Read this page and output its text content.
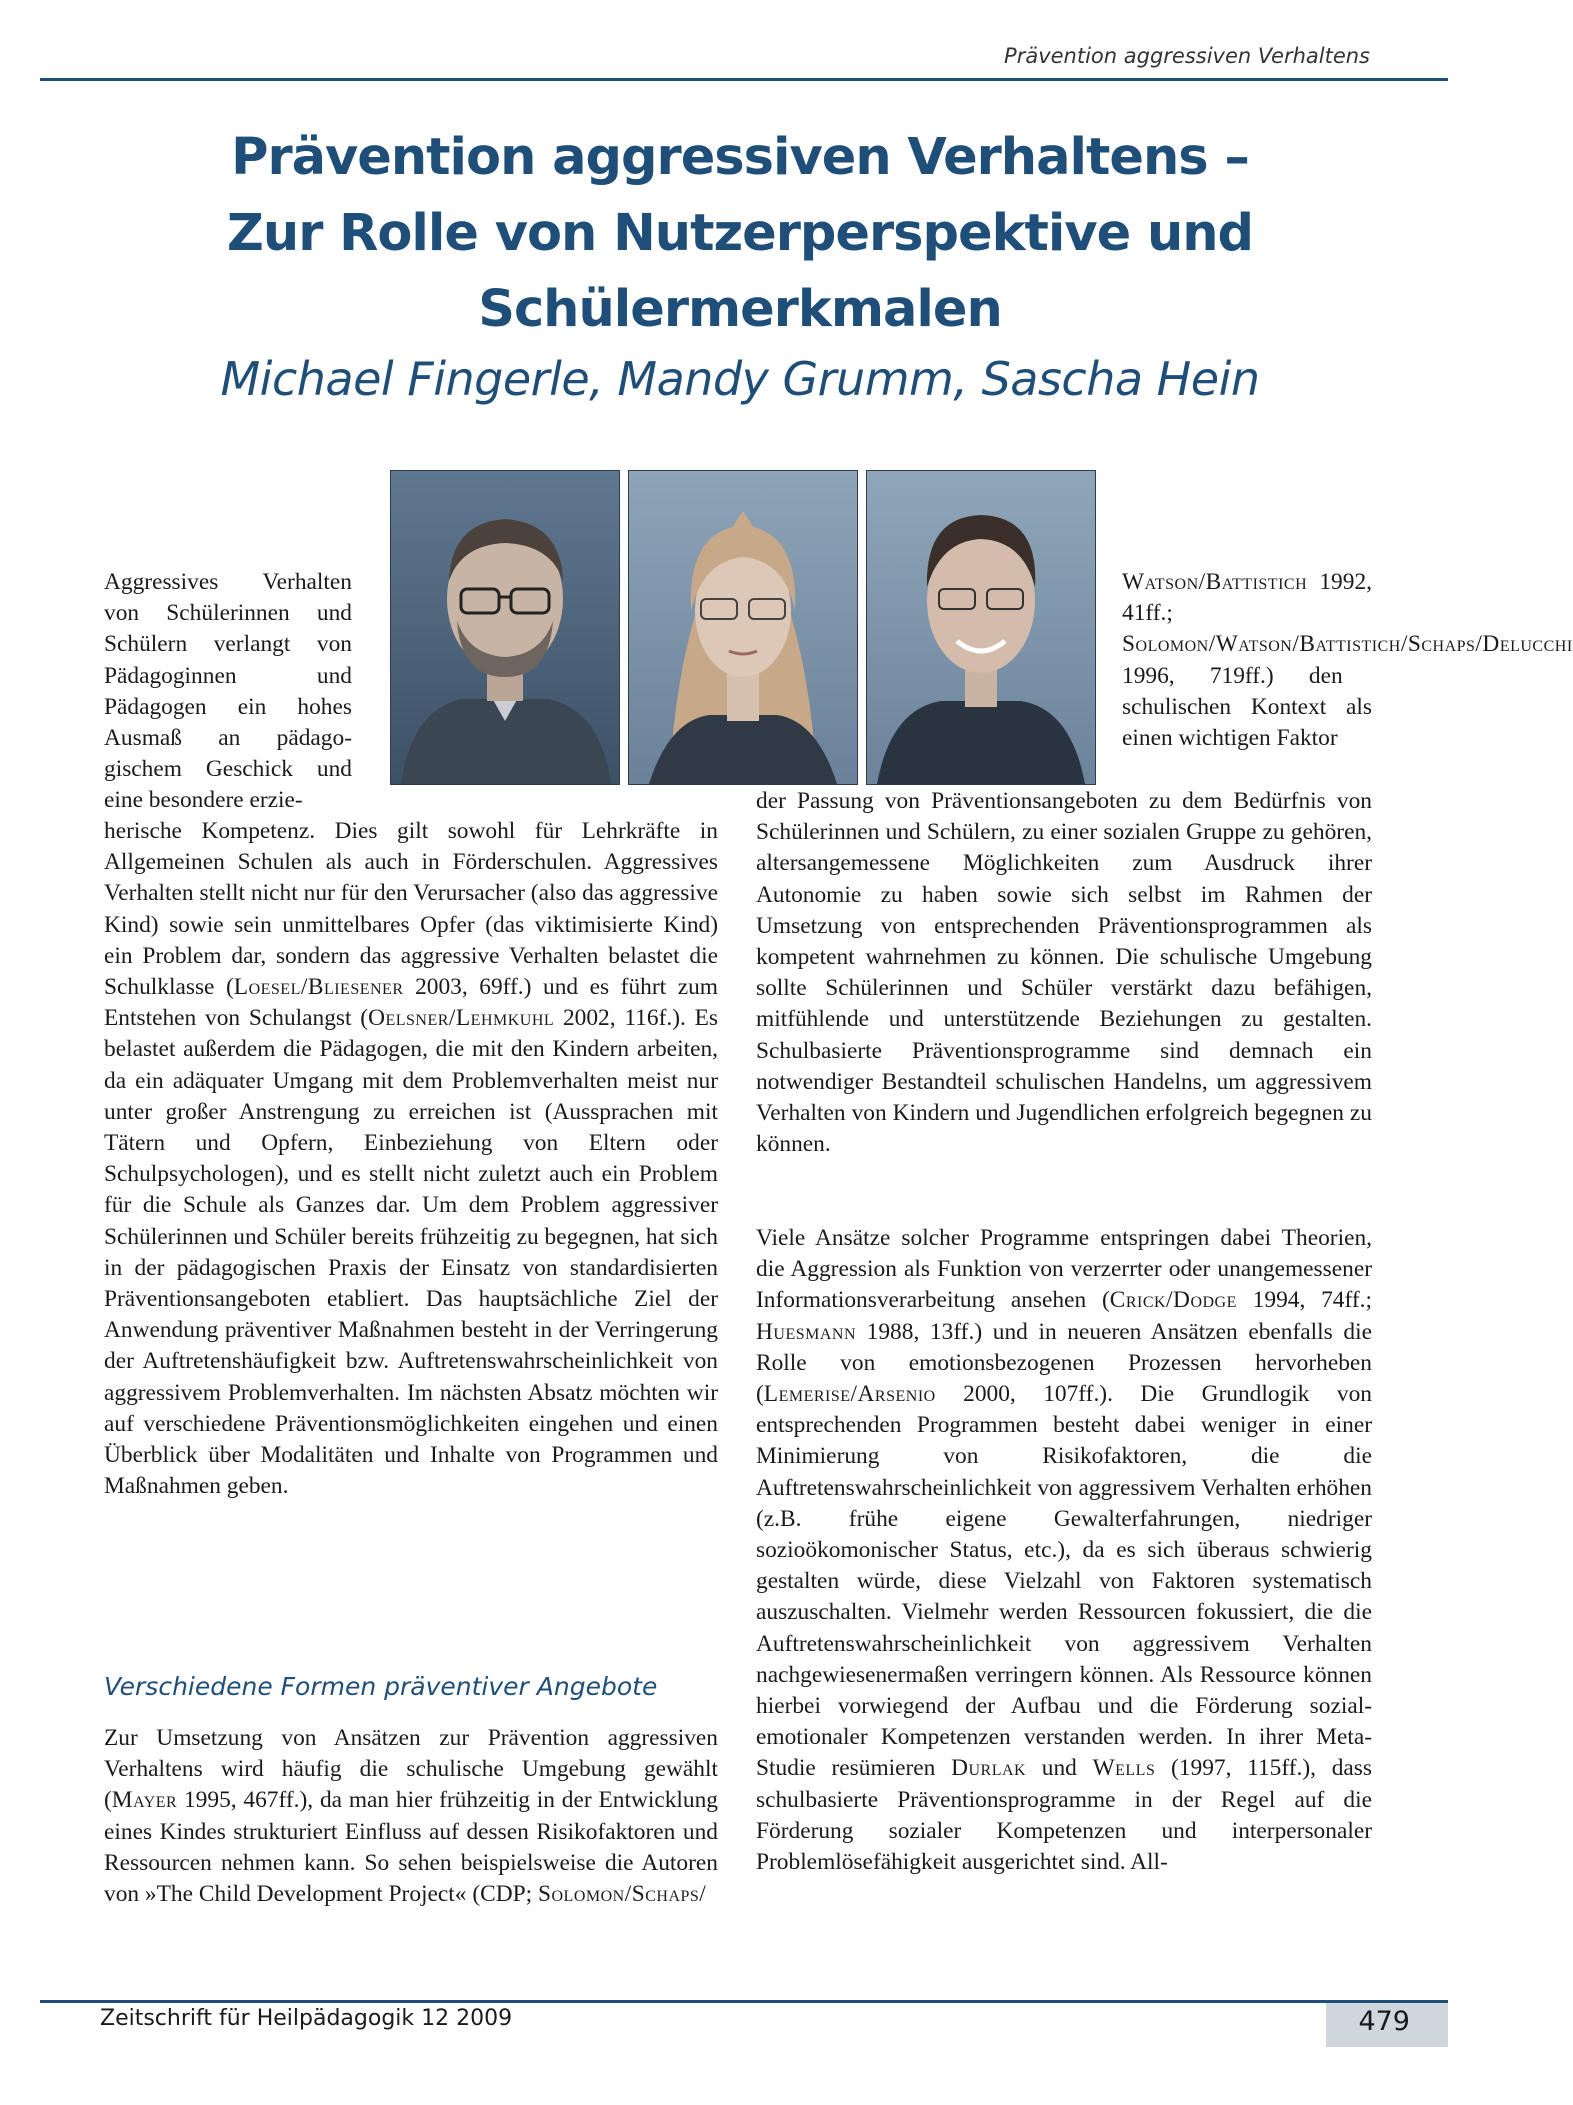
Prävention aggressiven Verhaltens
Prävention aggressiven Verhaltens –
Zur Rolle von Nutzerperspektive und
Schülermerkmalen
Michael Fingerle, Mandy Grumm, Sascha Hein

Aggressives Verhalten von Schülerinnen und Schülern verlangt von Pädagoginnen und Pädagogen ein hohes Ausmaß an pädagogischem Geschick und eine besondere erzie-

herische Kompetenz. Dies gilt sowohl für Lehrkräfte in Allgemeinen Schulen als auch in Förderschulen. Aggressives Verhalten stellt nicht nur für den Verursacher (also das aggressive Kind) sowie sein unmittelbares Opfer (das viktimisierte Kind) ein Problem dar, sondern das aggressive Verhalten belastet die Schulklasse (Loesel/Bliesener 2003, 69ff.) und es führt zum Entstehen von Schulangst (Oelsner/Lehmkuhl 2002, 116f.). Es belastet außerdem die Pädagogen, die mit den Kindern arbeiten, da ein adäquater Umgang mit dem Problemverhalten meist nur unter großer Anstrengung zu erreichen ist (Aussprachen mit Tätern und Opfern, Einbeziehung von Eltern oder Schulpsychologen), und es stellt nicht zuletzt auch ein Problem für die Schule als Ganzes dar. Um dem Problem aggressiver Schülerinnen und Schüler bereits frühzeitig zu begegnen, hat sich in der pädagogischen Praxis der Einsatz von standardisierten Präventionsangeboten etabliert. Das hauptsächliche Ziel der Anwendung präventiver Maßnahmen besteht in der Verringerung der Auftretenshäufigkeit bzw. Auftretenswahrscheinlichkeit von aggressivem Problemverhalten. Im nächsten Absatz möchten wir auf verschiedene Präventionsmöglichkeiten eingehen und einen Überblick über Modalitäten und Inhalte von Programmen und Maßnahmen geben.

Verschiedene Formen präventiver Angebote

Zur Umsetzung von Ansätzen zur Prävention aggressiven Verhaltens wird häufig die schulische Umgebung gewählt (Mayer 1995, 467ff.), da man hier frühzeitig in der Entwicklung eines Kindes strukturiert Einfluss auf dessen Risikofaktoren und Ressourcen nehmen kann. So sehen beispielsweise die Autoren von »The Child Development Project« (CDP; Solomon/Schaps/

Watson/Battistich 1992, 41ff.; Solomon/Watson/Battistich/Schaps/Delucchi 1996, 719ff.) den schulischen Kontext als einen wichtigen Faktor

der Passung von Präventionsangeboten zu dem Bedürfnis von Schülerinnen und Schülern, zu einer sozialen Gruppe zu gehören, altersangemessene Möglichkeiten zum Ausdruck ihrer Autonomie zu haben sowie sich selbst im Rahmen der Umsetzung von entsprechenden Präventionsprogrammen als kompetent wahrnehmen zu können. Die schulische Umgebung sollte Schülerinnen und Schüler verstärkt dazu befähigen, mitfühlende und unterstützende Beziehungen zu gestalten. Schulbasierte Präventionsprogramme sind demnach ein notwendiger Bestandteil schulischen Handelns, um aggressivem Verhalten von Kindern und Jugendlichen erfolgreich begegnen zu können.

Viele Ansätze solcher Programme entspringen dabei Theorien, die Aggression als Funktion von verzerrter oder unangemessener Informationsverarbeitung ansehen (Crick/Dodge 1994, 74ff.; Huesmann 1988, 13ff.) und in neueren Ansätzen ebenfalls die Rolle von emotionsbezogenen Prozessen hervorheben (Lemerise/Arsenio 2000, 107ff.). Die Grundlogik von entsprechenden Programmen besteht dabei weniger in einer Minimierung von Risikofaktoren, die die Auftretenswahrscheinlichkeit von aggressivem Verhalten erhöhen (z.B. frühe eigene Gewalterfahrungen, niedriger sozioökomonischer Status, etc.), da es sich überaus schwierig gestalten würde, diese Vielzahl von Faktoren systematisch auszuschalten. Vielmehr werden Ressourcen fokussiert, die die Auftretenswahrscheinlichkeit von aggressivem Verhalten nachgewiesenermaßen verringern können. Als Ressource können hierbei vorwiegend der Aufbau und die Förderung sozial-emotionaler Kompetenzen verstanden werden. In ihrer Meta-Studie resümieren Durlak und Wells (1997, 115ff.), dass schulbasierte Präventionsprogramme in der Regel auf die Förderung sozialer Kompetenzen und interpersonaler Problemlösefähigkeit ausgerichtet sind. All-

Zeitschrift für Heilpädagogik 12 2009	479
